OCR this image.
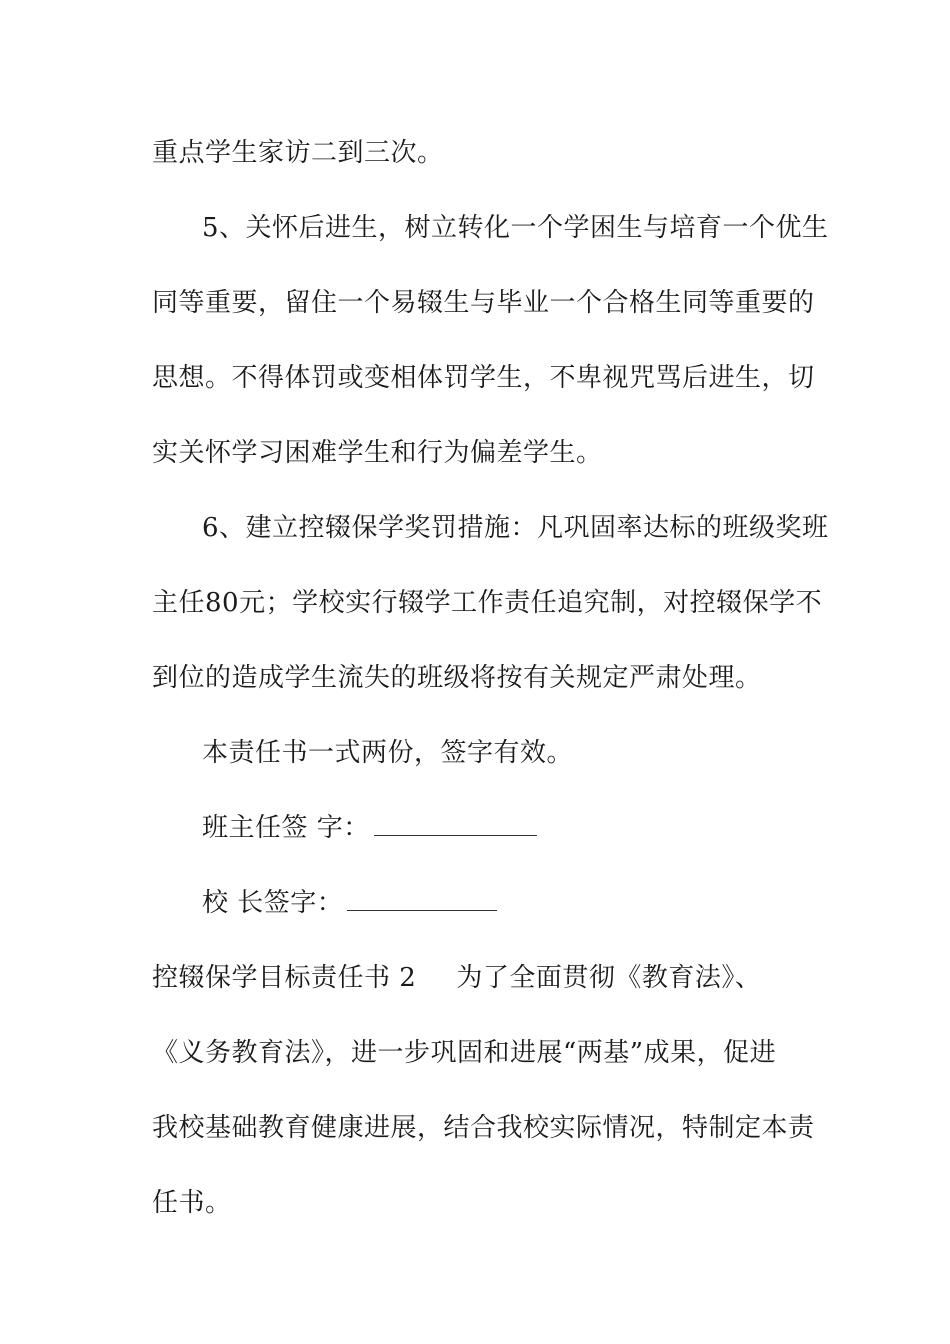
重点学生家访二到三次。
5、关怀后进生，树立转化一个学困生与培育一个优生
同等重要，留住一个易辍生与毕业一个合格生同等重要的
思想。不得体罚或变相体罚学生，不卑视咒骂后进生，切
实关怀学习困难学生和行为偏差学生。
6、建立控辍保学奖罚措施：凡巩固率达标的班级奖班
主任80元；学校实行辍学工作责任追究制，对控辍保学不
到位的造成学生流失的班级将按有关规定严肃处理。
本责任书一式两份，签字有效。
班主任签 字：
校 长签字：
控辍保学目标责任书 2 为了全面贯彻《教育法》、
《义务教育法》，进一步巩固和进展“两基”成果，促进
我校基础教育健康进展，结合我校实际情况，特制定本责
任书。
